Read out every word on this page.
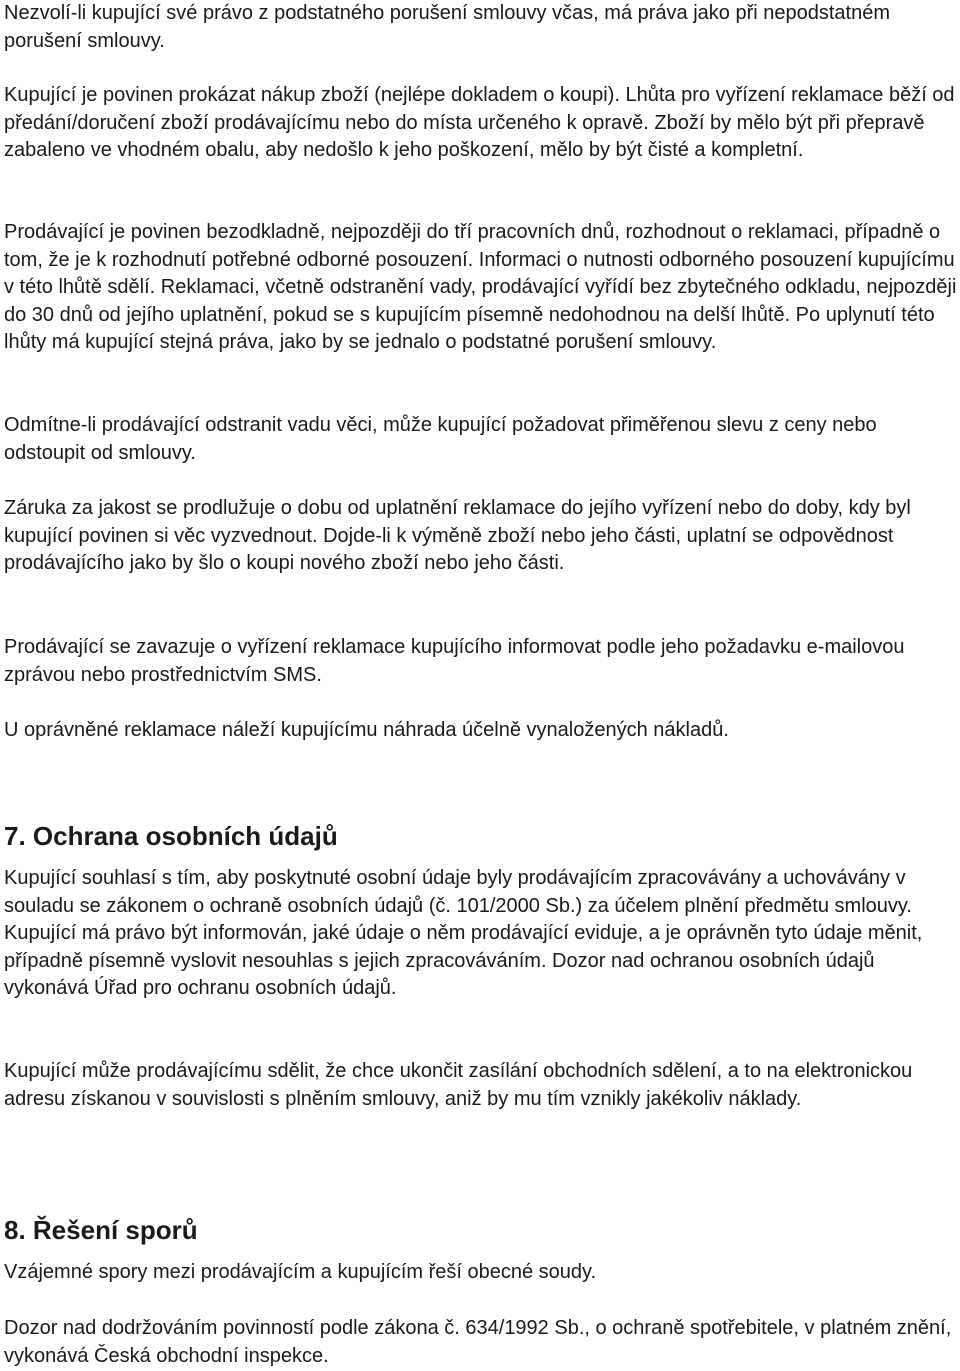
Nezvolí-li kupující své právo z podstatného porušení smlouvy včas, má práva jako při nepodstatném porušení smlouvy.

Kupující je povinen prokázat nákup zboží (nejlépe dokladem o koupi). Lhůta pro vyřízení reklamace běží od předání/doručení zboží prodávajícímu nebo do místa určeného k opravě. Zboží by mělo být při přepravě zabaleno ve vhodném obalu, aby nedošlo k jeho poškození, mělo by být čisté a kompletní.

Prodávající je povinen bezodkladně, nejpozději do tří pracovních dnů, rozhodnout o reklamaci, případně o tom, že je k rozhodnutí potřebné odborné posouzení. Informaci o nutnosti odborného posouzení kupujícímu v této lhůtě sdělí. Reklamaci, včetně odstranění vady, prodávající vyřídí bez zbytečného odkladu, nejpozději do 30 dnů od jejího uplatnění, pokud se s kupujícím písemně nedohodnou na delší lhůtě. Po uplynutí této lhůty má kupující stejná práva, jako by se jednalo o podstatné porušení smlouvy.

Odmítne-li prodávající odstranit vadu věci, může kupující požadovat přiměřenou slevu z ceny nebo odstoupit od smlouvy.

Záruka za jakost se prodlužuje o dobu od uplatnění reklamace do jejího vyřízení nebo do doby, kdy byl kupující povinen si věc vyzvednout. Dojde-li k výměně zboží nebo jeho části, uplatní se odpovědnost prodávajícího jako by šlo o koupi nového zboží nebo jeho části.

Prodávající se zavazuje o vyřízení reklamace kupujícího informovat podle jeho požadavku e-mailovou zprávou nebo prostřednictvím SMS.

U oprávněné reklamace náleží kupujícímu náhrada účelně vynaložených nákladů.

7. Ochrana osobních údajů

Kupující souhlasí s tím, aby poskytnuté osobní údaje byly prodávajícím zpracovávány a uchovávány v souladu se zákonem o ochraně osobních údajů (č. 101/2000 Sb.) za účelem plnění předmětu smlouvy. Kupující má právo být informován, jaké údaje o něm prodávající eviduje, a je oprávněn tyto údaje měnit, případně písemně vyslovit nesouhlas s jejich zpracováváním. Dozor nad ochranou osobních údajů vykonává Úřad pro ochranu osobních údajů.

Kupující může prodávajícímu sdělit, že chce ukončit zasílání obchodních sdělení, a to na elektronickou adresu získanou v souvislosti s plněním smlouvy, aniž by mu tím vznikly jakékoliv náklady.

8. Řešení sporů

Vzájemné spory mezi prodávajícím a kupujícím řeší obecné soudy.

Dozor nad dodržováním povinností podle zákona č. 634/1992 Sb., o ochraně spotřebitele, v platném znění, vykonává Česká obchodní inspekce.
